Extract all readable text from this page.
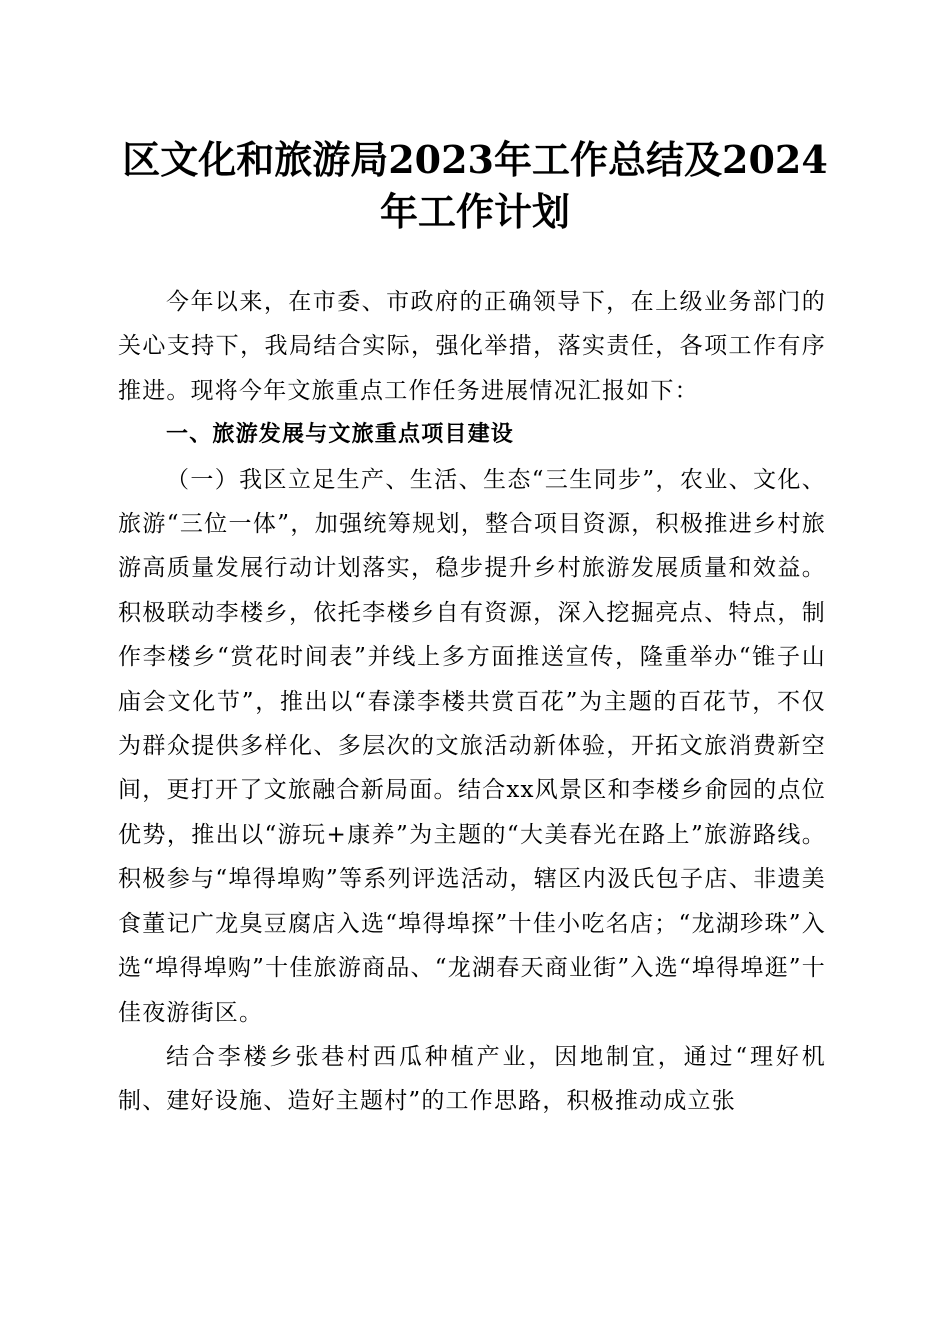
区文化和旅游局2023年工作总结及2024年工作计划

今年以来，在市委、市政府的正确领导下，在上级业务部门的关心支持下，我局结合实际，强化举措，落实责任，各项工作有序推进。现将今年文旅重点工作任务进展情况汇报如下：

一、旅游发展与文旅重点项目建设

（一）我区立足生产、生活、生态“三生同步”，农业、文化、旅游“三位一体”，加强统筹规划，整合项目资源，积极推进乡村旅游高质量发展行动计划落实，稳步提升乡村旅游发展质量和效益。积极联动李楼乡，依托李楼乡自有资源，深入挖掘亮点、特点，制作李楼乡“赏花时间表”并线上多方面推送宣传，隆重举办“锥子山庙会文化节”，推出以“春漾李楼共赏百花”为主题的百花节，不仅为群众提供多样化、多层次的文旅活动新体验，开拓文旅消费新空间，更打开了文旅融合新局面。结合xx风景区和李楼乡俞园的点位优势，推出以“游玩+康养”为主题的“大美春光在路上”旅游路线。积极参与“埠得埠购”等系列评选活动，辖区内汲氏包子店、非遗美食董记广龙臭豆腐店入选“埠得埠探”十佳小吃名店；“龙湖珍珠”入选“埠得埠购”十佳旅游商品、“龙湖春天商业街”入选“埠得埠逛”十佳夜游街区。

结合李楼乡张巷村西瓜种植产业，因地制宜，通过“理好机制、建好设施、造好主题村”的工作思路，积极推动成立张
